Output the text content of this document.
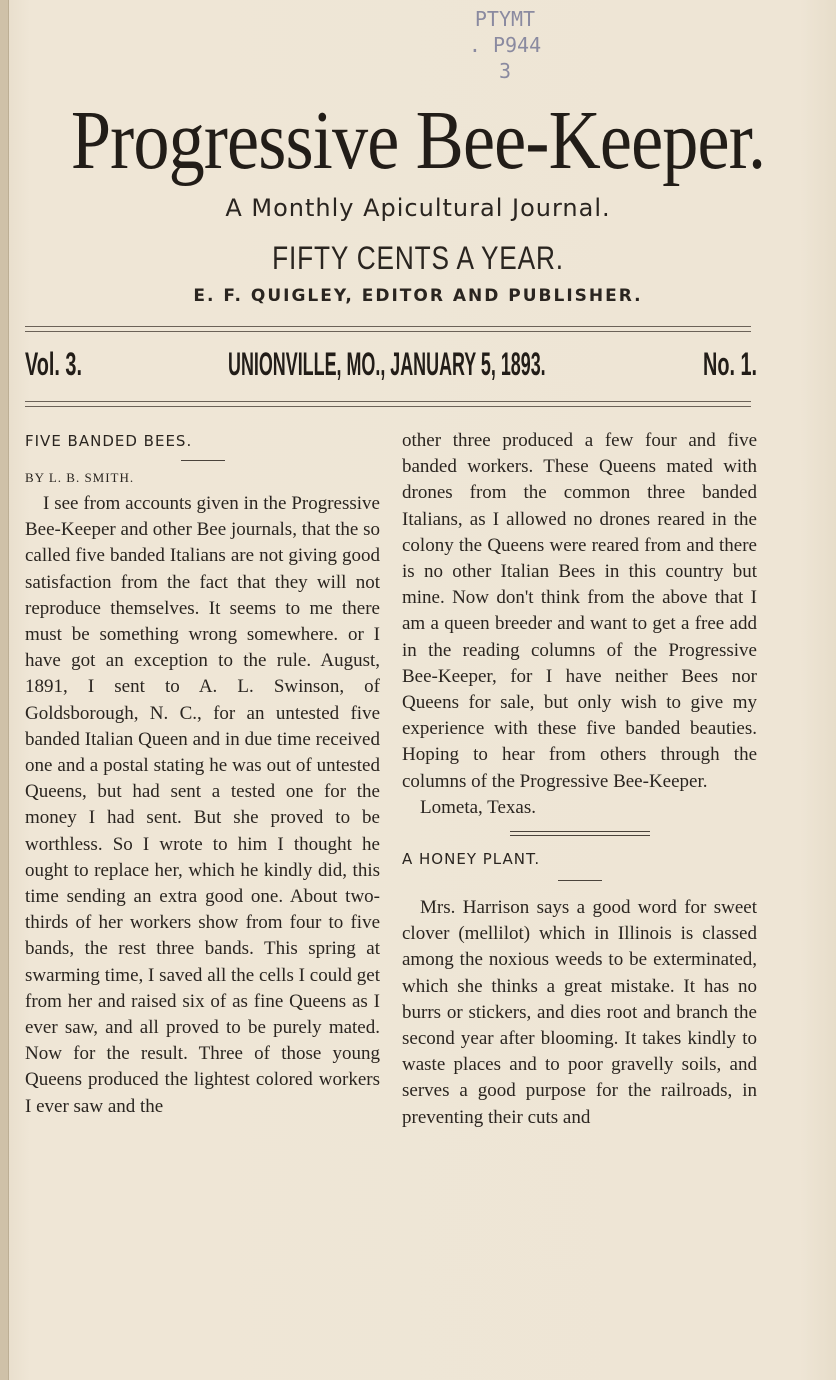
PTYMT
. P944
3
Progressive Bee-Keeper.
A Monthly Apicultural Journal.
FIFTY CENTS A YEAR.
E. F. QUIGLEY, EDITOR AND PUBLISHER.
Vol. 3.	UNIONVILLE, MO., JANUARY 5, 1893.	No. 1.

FIVE BANDED BEES.

BY L. B. SMITH.

I see from accounts given in the Progressive Bee-Keeper and other Bee journals, that the so called five banded Italians are not giving good satisfaction from the fact that they will not reproduce themselves. It seems to me there must be something wrong somewhere. or I have got an exception to the rule. August, 1891, I sent to A. L. Swinson, of Goldsborough, N. C., for an untested five banded Italian Queen and in due time received one and a postal stating he was out of untested Queens, but had sent a tested one for the money I had sent. But she proved to be worthless. So I wrote to him I thought he ought to replace her, which he kindly did, this time sending an extra good one. About two-thirds of her workers show from four to five bands, the rest three bands. This spring at swarming time, I saved all the cells I could get from her and raised six of as fine Queens as I ever saw, and all proved to be purely mated. Now for the result. Three of those young Queens produced the lightest colored workers I ever saw and the

other three produced a few four and five banded workers. These Queens mated with drones from the common three banded Italians, as I allowed no drones reared in the colony the Queens were reared from and there is no other Italian Bees in this country but mine. Now don't think from the above that I am a queen breeder and want to get a free add in the reading columns of the Progressive Bee-Keeper, for I have neither Bees nor Queens for sale, but only wish to give my experience with these five banded beauties. Hoping to hear from others through the columns of the Progressive Bee-Keeper.

Lometa, Texas.

A HONEY PLANT.

Mrs. Harrison says a good word for sweet clover (mellilot) which in Illinois is classed among the noxious weeds to be exterminated, which she thinks a great mistake. It has no burrs or stickers, and dies root and branch the second year after blooming. It takes kindly to waste places and to poor gravelly soils, and serves a good purpose for the railroads, in preventing their cuts and
